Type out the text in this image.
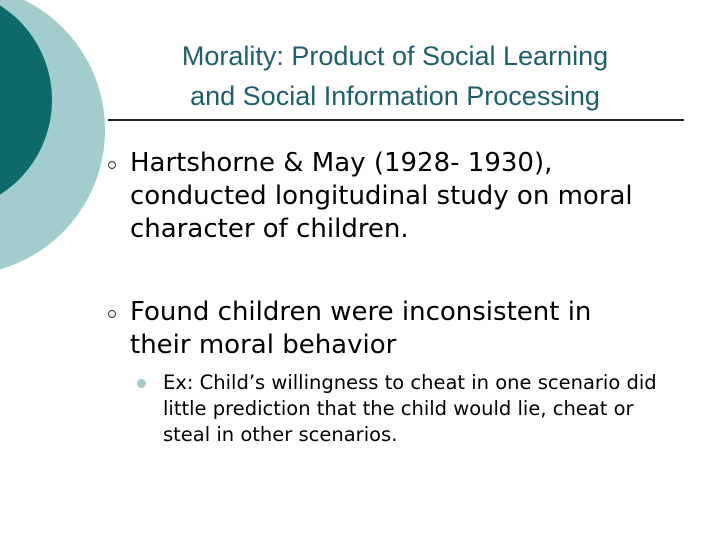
Morality: Product of Social Learning
and Social Information Processing
Hartshorne & May (1928- 1930), conducted longitudinal study on moral character of children.
Found children were inconsistent in their moral behavior
Ex: Child’s willingness to cheat in one scenario did little prediction that the child would lie, cheat or steal in other scenarios.
